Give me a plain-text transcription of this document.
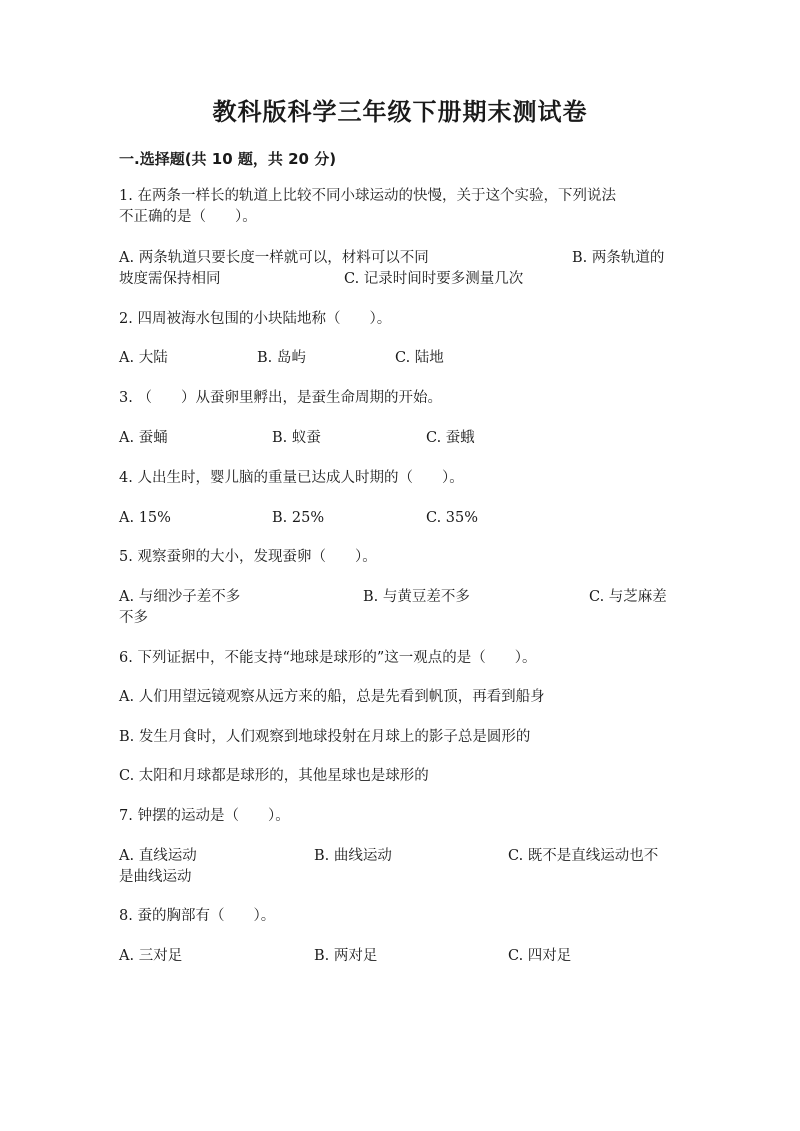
教科版科学三年级下册期末测试卷
一.选择题(共 10 题，共 20 分)
1. 在两条一样长的轨道上比较不同小球运动的快慢，关于这个实验，下列说法
不正确的是（　　）。
A. 两条轨道只要长度一样就可以，材料可以不同	B. 两条轨道的
坡度需保持相同	C. 记录时间时要多测量几次
2. 四周被海水包围的小块陆地称（　　）。
A. 大陆	B. 岛屿	C. 陆地
3. （　　）从蚕卵里孵出，是蚕生命周期的开始。
A. 蚕蛹	B. 蚁蚕	C. 蚕蛾
4. 人出生时，婴儿脑的重量已达成人时期的（　　）。
A. 15%	B. 25%	C. 35%
5. 观察蚕卵的大小，发现蚕卵（　　）。
A. 与细沙子差不多	B. 与黄豆差不多	C. 与芝麻差
不多
6. 下列证据中，不能支持“地球是球形的”这一观点的是（　　）。
A. 人们用望远镜观察从远方来的船，总是先看到帆顶，再看到船身
B. 发生月食时，人们观察到地球投射在月球上的影子总是圆形的
C. 太阳和月球都是球形的，其他星球也是球形的
7. 钟摆的运动是（　　）。
A. 直线运动	B. 曲线运动	C. 既不是直线运动也不
是曲线运动
8. 蚕的胸部有（　　）。
A. 三对足	B. 两对足	C. 四对足
